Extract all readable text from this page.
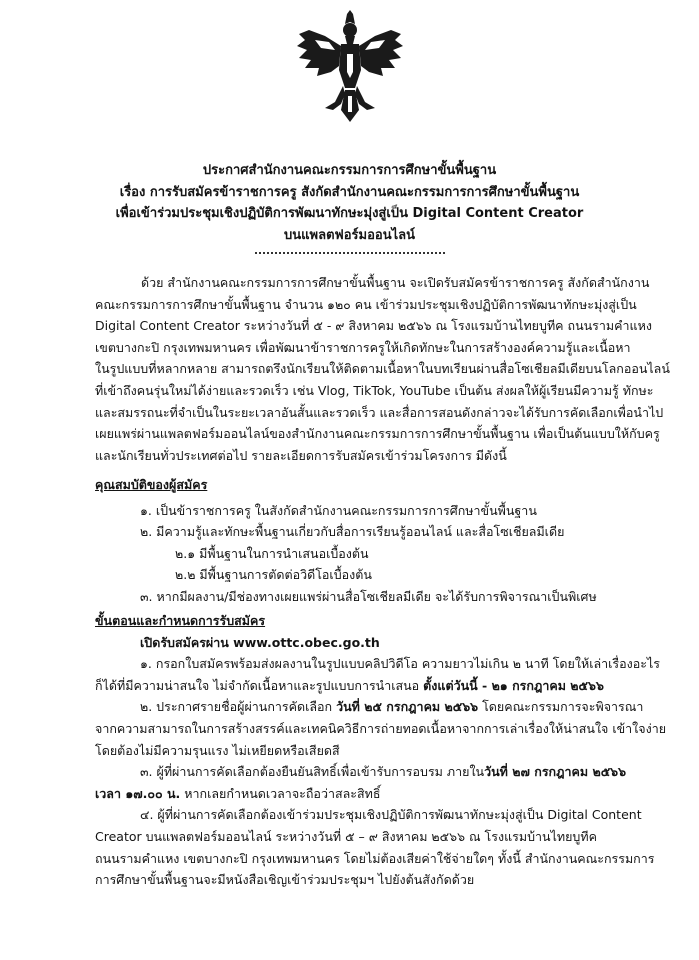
ประกาศสำนักงานคณะกรรมการการศึกษาขั้นพื้นฐาน
เรื่อง การรับสมัครข้าราชการครู สังกัดสำนักงานคณะกรรมการการศึกษาขั้นพื้นฐาน
เพื่อเข้าร่วมประชุมเชิงปฏิบัติการพัฒนาทักษะมุ่งสู่เป็น Digital Content Creator
บนแพลตฟอร์มออนไลน์
ด้วย สำนักงานคณะกรรมการการศึกษาขั้นพื้นฐาน จะเปิดรับสมัครข้าราชการครู สังกัดสำนักงาน
คณะกรรมการการศึกษาขั้นพื้นฐาน จำนวน ๑๒๐ คน เข้าร่วมประชุมเชิงปฏิบัติการพัฒนาทักษะมุ่งสู่เป็น
Digital Content Creator ระหว่างวันที่ ๕ - ๙ สิงหาคม ๒๕๖๖ ณ โรงแรมบ้านไทยบูทีค ถนนรามคำแหง
เขตบางกะปิ กรุงเทพมหานคร เพื่อพัฒนาข้าราชการครูให้เกิดทักษะในการสร้างองค์ความรู้และเนื้อหา
ในรูปแบบที่หลากหลาย สามารถตรึงนักเรียนให้ติดตามเนื้อหาในบทเรียนผ่านสื่อโซเชียลมีเดียบนโลกออนไลน์
ที่เข้าถึงคนรุ่นใหม่ได้ง่ายและรวดเร็ว เช่น Vlog, TikTok, YouTube เป็นต้น ส่งผลให้ผู้เรียนมีความรู้ ทักษะ
และสมรรถนะที่จำเป็นในระยะเวลาอันสั้นและรวดเร็ว และสื่อการสอนดังกล่าวจะได้รับการคัดเลือกเพื่อนำไป
เผยแพร่ผ่านแพลตฟอร์มออนไลน์ของสำนักงานคณะกรรมการการศึกษาขั้นพื้นฐาน เพื่อเป็นต้นแบบให้กับครู
และนักเรียนทั่วประเทศต่อไป รายละเอียดการรับสมัครเข้าร่วมโครงการ มีดังนี้
คุณสมบัติของผู้สมัคร
๑. เป็นข้าราชการครู ในสังกัดสำนักงานคณะกรรมการการศึกษาขั้นพื้นฐาน
๒. มีความรู้และทักษะพื้นฐานเกี่ยวกับสื่อการเรียนรู้ออนไลน์ และสื่อโซเชียลมีเดีย
๒.๑ มีพื้นฐานในการนำเสนอเบื้องต้น
๒.๒ มีพื้นฐานการตัดต่อวิดีโอเบื้องต้น
๓. หากมีผลงาน/มีช่องทางเผยแพร่ผ่านสื่อโซเชียลมีเดีย จะได้รับการพิจารณาเป็นพิเศษ
ขั้นตอนและกำหนดการรับสมัคร
เปิดรับสมัครผ่าน www.ottc.obec.go.th
๑. กรอกใบสมัครพร้อมส่งผลงานในรูปแบบคลิปวิดีโอ ความยาวไม่เกิน ๒ นาที โดยให้เล่าเรื่องอะไร
ก็ได้ที่มีความน่าสนใจ ไม่จำกัดเนื้อหาและรูปแบบการนำเสนอ ตั้งแต่วันนี้ - ๒๑ กรกฎาคม ๒๕๖๖
๒. ประกาศรายชื่อผู้ผ่านการคัดเลือก วันที่ ๒๕ กรกฎาคม ๒๕๖๖ โดยคณะกรรมการจะพิจารณา
จากความสามารถในการสร้างสรรค์และเทคนิควิธีการถ่ายทอดเนื้อหาจากการเล่าเรื่องให้น่าสนใจ เข้าใจง่าย
โดยต้องไม่มีความรุนแรง ไม่เหยียดหรือเสียดสี
๓. ผู้ที่ผ่านการคัดเลือกต้องยืนยันสิทธิ์เพื่อเข้ารับการอบรม ภายในวันที่ ๒๗ กรกฎาคม ๒๕๖๖
เวลา ๑๗.๐๐ น. หากเลยกำหนดเวลาจะถือว่าสละสิทธิ์
๔. ผู้ที่ผ่านการคัดเลือกต้องเข้าร่วมประชุมเชิงปฏิบัติการพัฒนาทักษะมุ่งสู่เป็น Digital Content
Creator บนแพลตฟอร์มออนไลน์ ระหว่างวันที่ ๕ – ๙ สิงหาคม ๒๕๖๖ ณ โรงแรมบ้านไทยบูทีค
ถนนรามคำแหง เขตบางกะปิ กรุงเทพมหานคร โดยไม่ต้องเสียค่าใช้จ่ายใดๆ ทั้งนี้ สำนักงานคณะกรรมการ
การศึกษาขั้นพื้นฐานจะมีหนังสือเชิญเข้าร่วมประชุมฯ ไปยังต้นสังกัดด้วย
